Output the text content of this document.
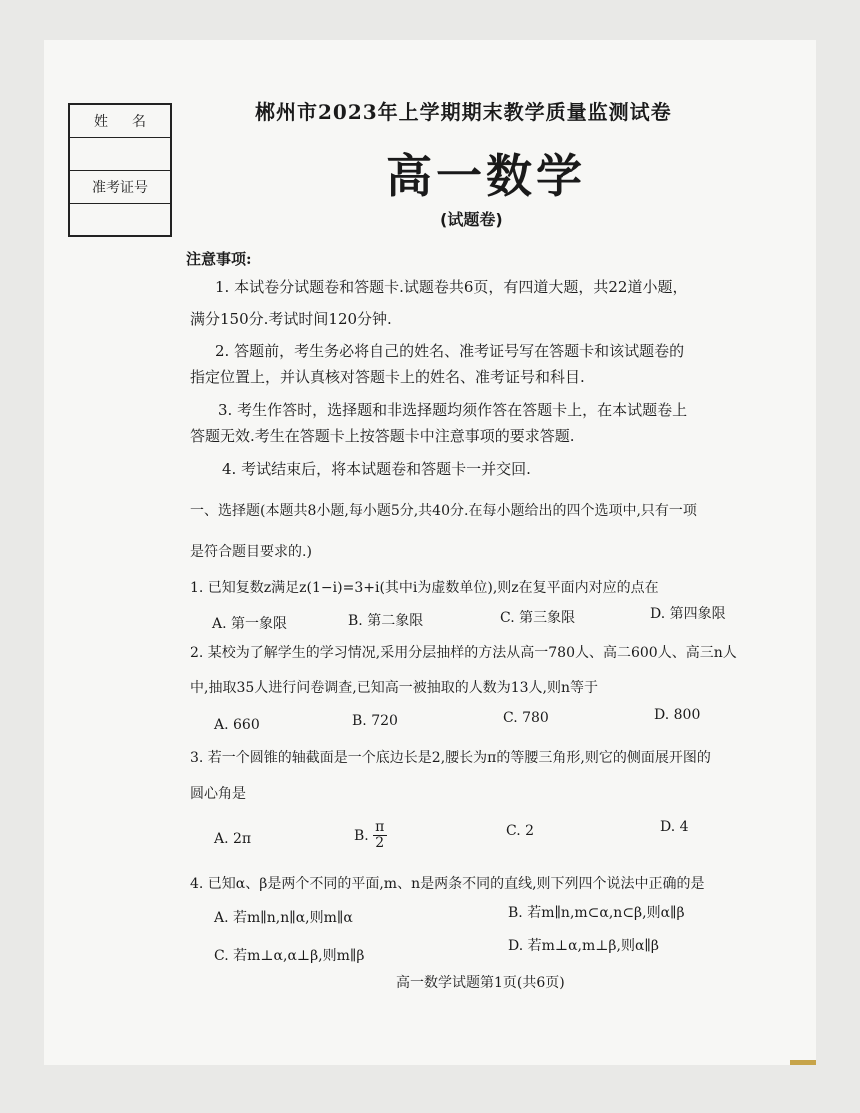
姓名
准考证号
郴州市2023年上学期期末教学质量监测试卷
高一数学
(试题卷)
注意事项:
1. 本试卷分试题卷和答题卡.试题卷共6页，有四道大题，共22道小题，
满分150分.考试时间120分钟.
2. 答题前，考生务必将自己的姓名、准考证号写在答题卡和该试题卷的
指定位置上，并认真核对答题卡上的姓名、准考证号和科目.
3. 考生作答时，选择题和非选择题均须作答在答题卡上，在本试题卷上
答题无效.考生在答题卡上按答题卡中注意事项的要求答题.
4. 考试结束后，将本试题卷和答题卡一并交回.
一、选择题(本题共8小题,每小题5分,共40分.在每小题给出的四个选项中,只有一项
是符合题目要求的.)
1. 已知复数z满足z(1−i)=3+i(其中i为虚数单位),则z在复平面内对应的点在
A. 第一象限	B. 第二象限	C. 第三象限	D. 第四象限
2. 某校为了解学生的学习情况,采用分层抽样的方法从高一780人、高二600人、高三n人
中,抽取35人进行问卷调查,已知高一被抽取的人数为13人,则n等于
A. 660	B. 720	C. 780	D. 800
3. 若一个圆锥的轴截面是一个底边长是2,腰长为π的等腰三角形,则它的侧面展开图的
圆心角是
A. 2π	B.
π
2
C. 2	D. 4
4. 已知α、β是两个不同的平面,m、n是两条不同的直线,则下列四个说法中正确的是
A. 若m∥n,n∥α,则m∥α	B. 若m∥n,m⊂α,n⊂β,则α∥β
C. 若m⊥α,α⊥β,则m∥β
D. 若m⊥α,m⊥β,则α∥β
高一数学试题第1页(共6页)
